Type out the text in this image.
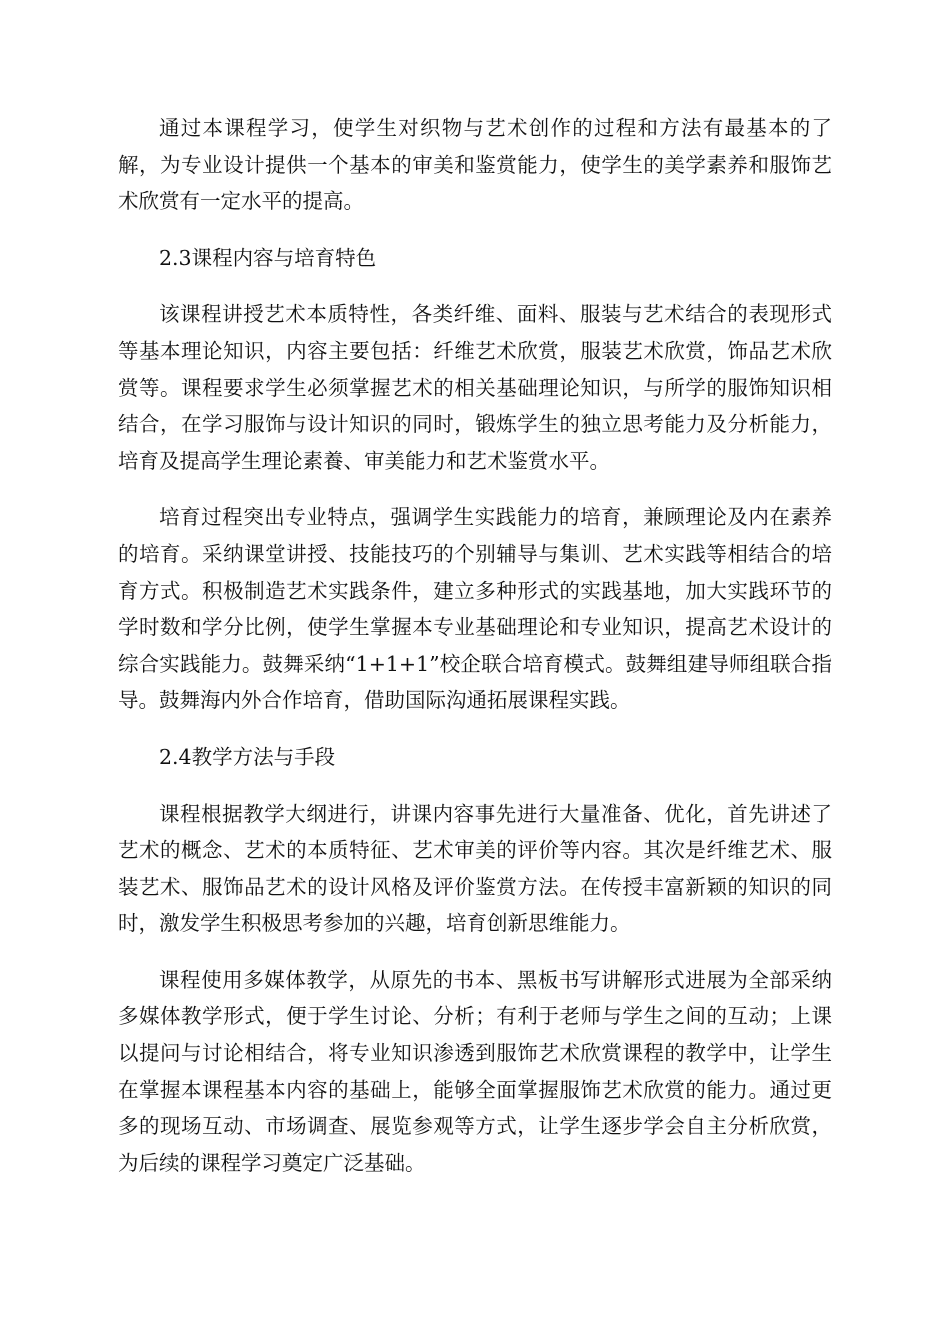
通过本课程学习，使学生对织物与艺术创作的过程和方法有最基本的了解，为专业设计提供一个基本的审美和鉴赏能力，使学生的美学素养和服饰艺术欣赏有一定水平的提高。

2.3课程内容与培育特色

该课程讲授艺术本质特性，各类纤维、面料、服装与艺术结合的表现形式等基本理论知识，内容主要包括：纤维艺术欣赏，服装艺术欣赏，饰品艺术欣赏等。课程要求学生必须掌握艺术的相关基础理论知识，与所学的服饰知识相结合，在学习服饰与设计知识的同时，锻炼学生的独立思考能力及分析能力，培育及提高学生理论素養、审美能力和艺术鉴赏水平。

培育过程突出专业特点，强调学生实践能力的培育，兼顾理论及内在素养的培育。采纳课堂讲授、技能技巧的个别辅导与集训、艺术实践等相结合的培育方式。积极制造艺术实践条件，建立多种形式的实践基地，加大实践环节的学时数和学分比例，使学生掌握本专业基础理论和专业知识，提高艺术设计的综合实践能力。鼓舞采纳“1+1+1”校企联合培育模式。鼓舞组建导师组联合指导。鼓舞海内外合作培育，借助国际沟通拓展课程实践。

2.4教学方法与手段

课程根据教学大纲进行，讲课内容事先进行大量准备、优化，首先讲述了艺术的概念、艺术的本质特征、艺术审美的评价等内容。其次是纤维艺术、服装艺术、服饰品艺术的设计风格及评价鉴赏方法。在传授丰富新颖的知识的同时，激发学生积极思考参加的兴趣，培育创新思维能力。

课程使用多媒体教学，从原先的书本、黑板书写讲解形式进展为全部采纳多媒体教学形式，便于学生讨论、分析；有利于老师与学生之间的互动；上课以提问与讨论相结合，将专业知识渗透到服饰艺术欣赏课程的教学中，让学生在掌握本课程基本内容的基础上，能够全面掌握服饰艺术欣赏的能力。通过更多的现场互动、市场调查、展览参观等方式，让学生逐步学会自主分析欣赏，为后续的课程学习奠定广泛基础。
